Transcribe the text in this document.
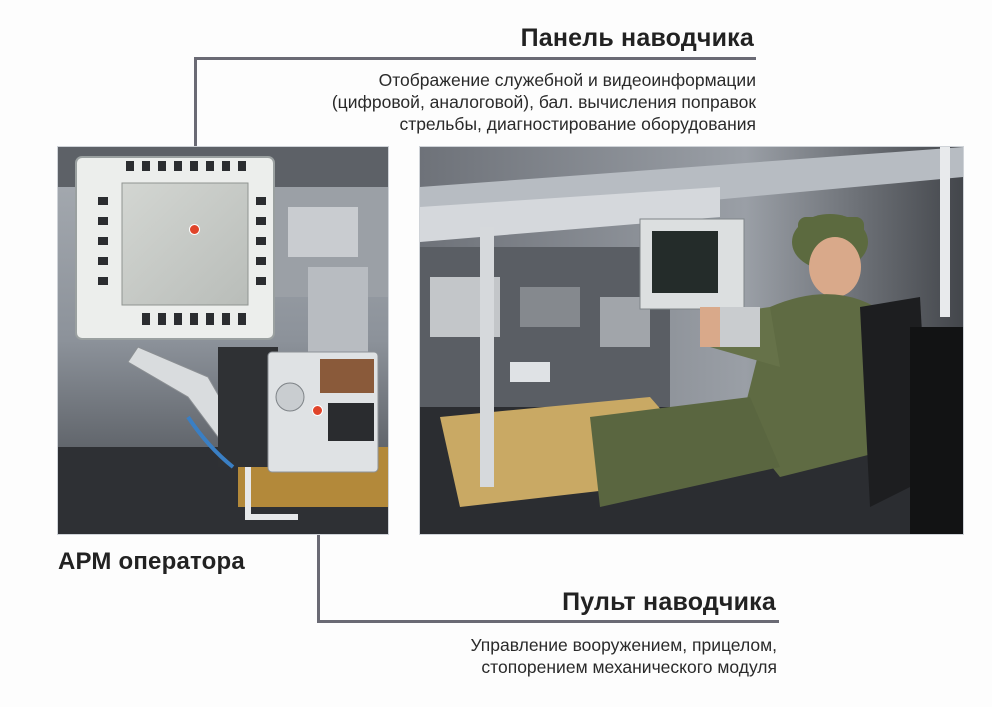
Панель наводчика
Отображение служебной и видеоинформации
(цифровой, аналоговой), бал. вычисления поправок
стрельбы, диагностирование оборудования
АРМ оператора
Пульт наводчика
Управление вооружением, прицелом,
стопорением механического модуля
